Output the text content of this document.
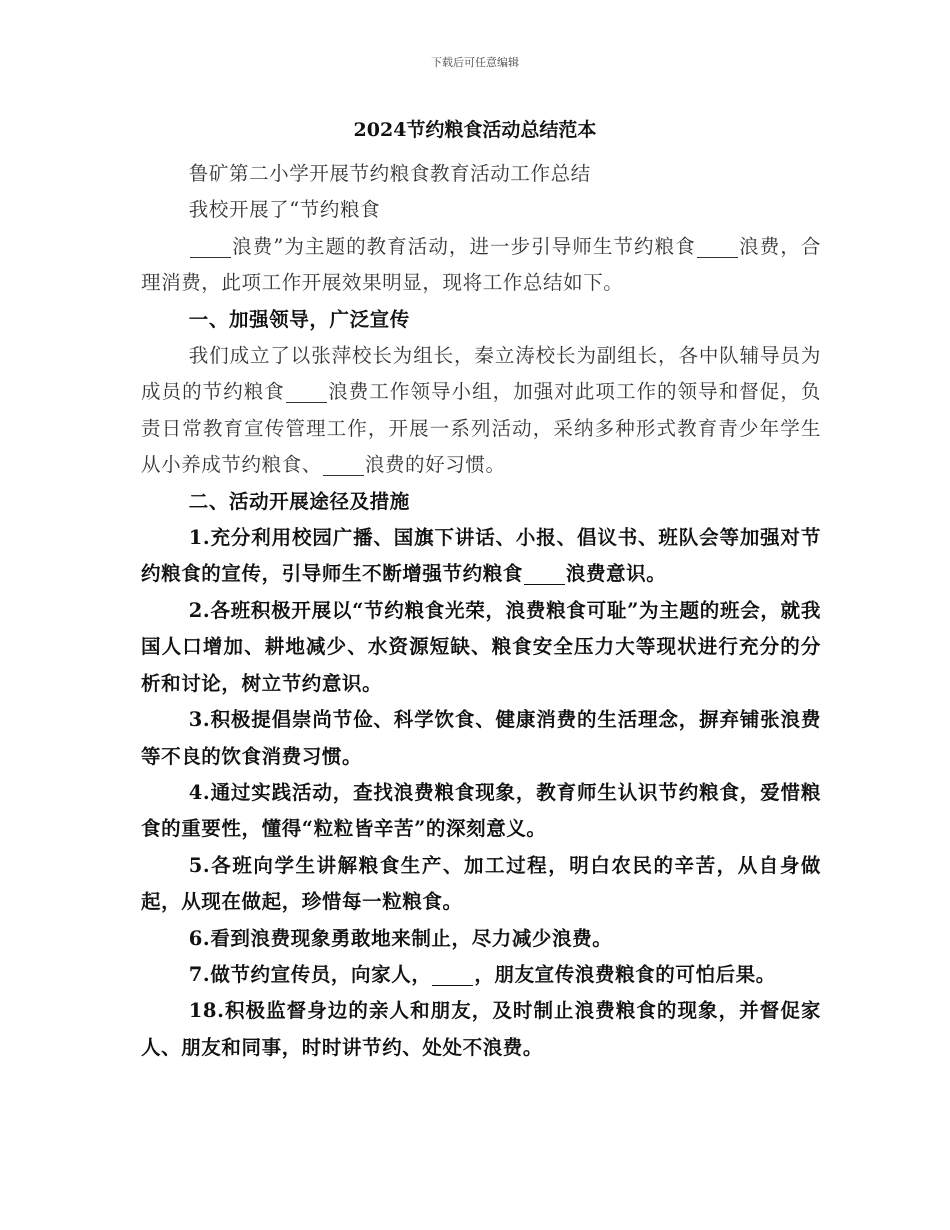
下载后可任意编辑
2024节约粮食活动总结范本

鲁矿第二小学开展节约粮食教育活动工作总结

我校开展了“节约粮食

浪费”为主题的教育活动，进一步引导师生节约粮食 浪费，合理消费，此项工作开展效果明显，现将工作总结如下。

一、加强领导，广泛宣传

我们成立了以张萍校长为组长，秦立涛校长为副组长，各中队辅导员为成员的节约粮食 浪费工作领导小组，加强对此项工作的领导和督促，负责日常教育宣传管理工作，开展一系列活动，采纳多种形式教育青少年学生从小养成节约粮食、 浪费的好习惯。

二、活动开展途径及措施

1.充分利用校园广播、国旗下讲话、小报、倡议书、班队会等加强对节约粮食的宣传，引导师生不断增强节约粮食 浪费意识。

2.各班积极开展以“节约粮食光荣，浪费粮食可耻”为主题的班会，就我国人口增加、耕地减少、水资源短缺、粮食安全压力大等现状进行充分的分析和讨论，树立节约意识。

3.积极提倡崇尚节俭、科学饮食、健康消费的生活理念，摒弃铺张浪费等不良的饮食消费习惯。

4.通过实践活动，查找浪费粮食现象，教育师生认识节约粮食，爱惜粮食的重要性，懂得“粒粒皆辛苦”的深刻意义。

5.各班向学生讲解粮食生产、加工过程，明白农民的辛苦，从自身做起，从现在做起，珍惜每一粒粮食。

6.看到浪费现象勇敢地来制止，尽力减少浪费。

7.做节约宣传员，向家人， ，朋友宣传浪费粮食的可怕后果。

18.积极监督身边的亲人和朋友，及时制止浪费粮食的现象，并督促家人、朋友和同事，时时讲节约、处处不浪费。
